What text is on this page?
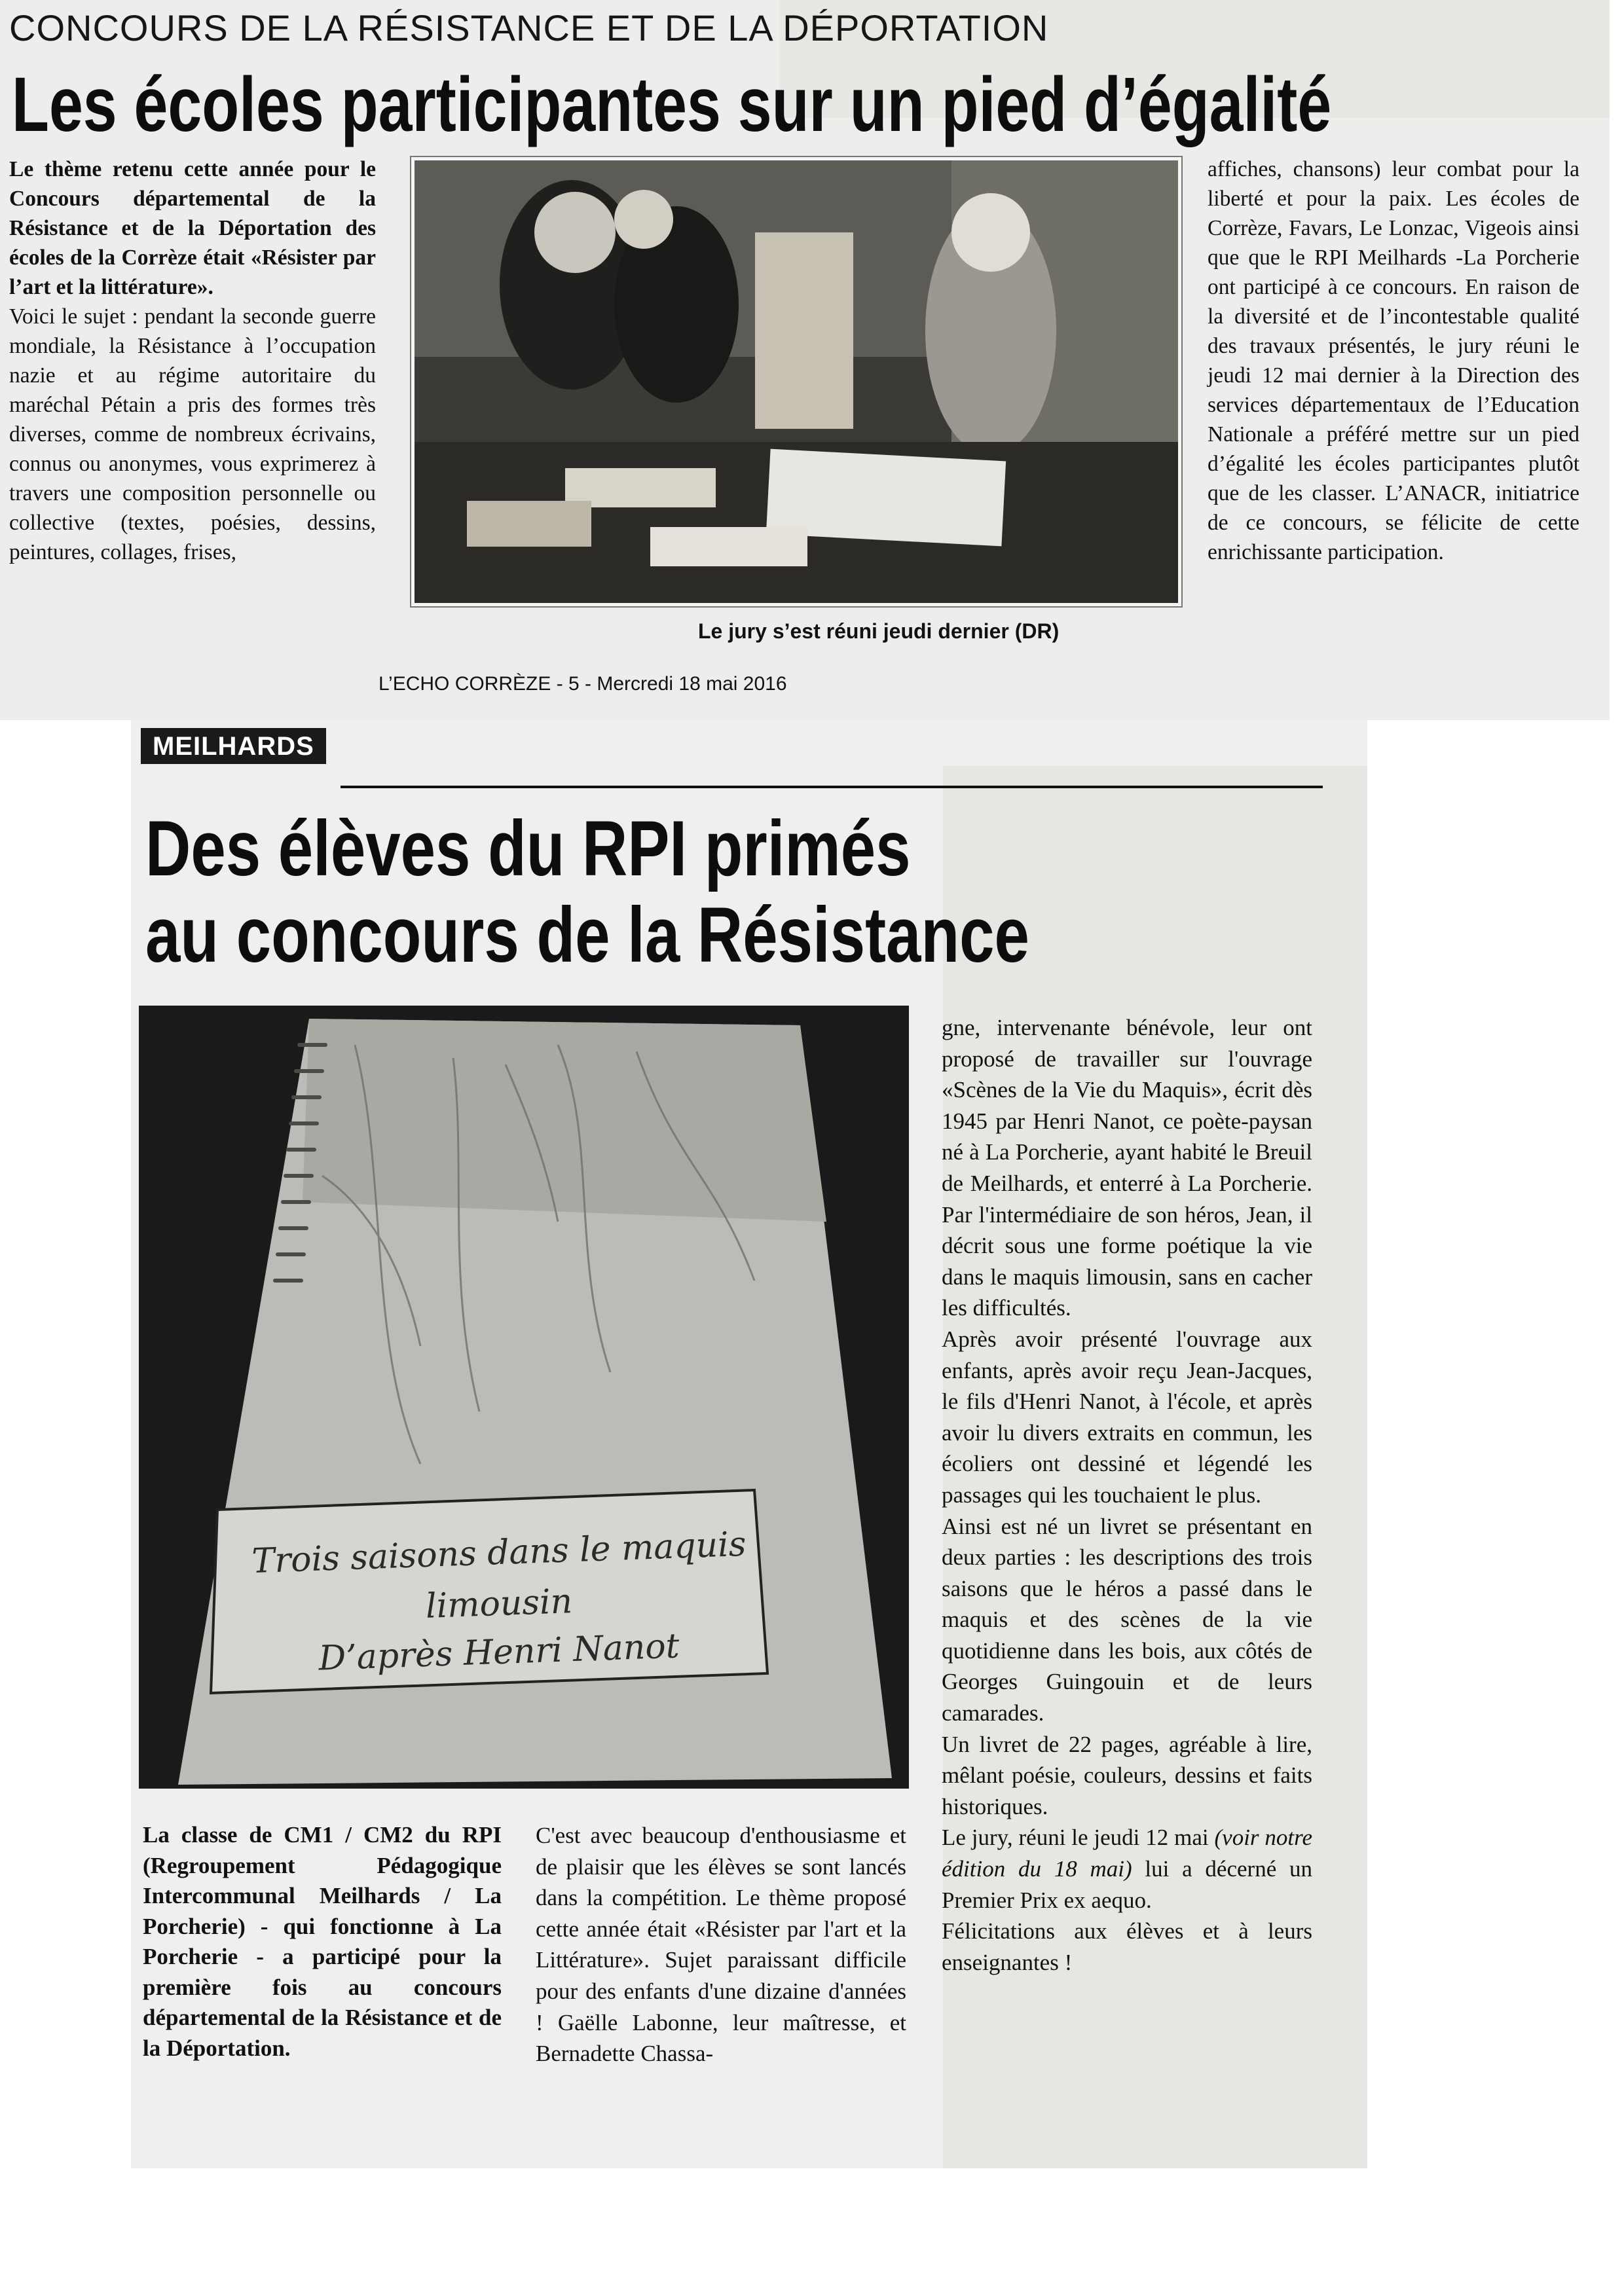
CONCOURS DE LA RÉSISTANCE ET DE LA DÉPORTATION
Les écoles participantes sur un pied d’égalité

Le thème retenu cette année pour le Concours départemental de la Résistance et de la Déportation des écoles de la Corrèze était «Résister par l’art et la littérature».

Voici le sujet : pendant la seconde guerre mondiale, la Résistance à l’occupation nazie et au régime autoritaire du maréchal Pétain a pris des formes très diverses, comme de nombreux écrivains, connus ou anonymes, vous exprimerez à travers une composition personnelle ou collective (textes, poésies, dessins, peintures, collages, frises,

Le jury s’est réuni jeudi dernier (DR)

affiches, chansons) leur combat pour la liberté et pour la paix. Les écoles de Corrèze, Favars, Le Lonzac, Vigeois ainsi que que le RPI Meilhards -La Porcherie ont participé à ce concours. En raison de la diversité et de l’incontestable qualité des travaux présentés, le jury réuni le jeudi 12 mai dernier à la Direction des services départementaux de l’Education Nationale a préféré mettre sur un pied d’égalité les écoles participantes plutôt que de les classer. L’ANACR, initiatrice de ce concours, se félicite de cette enrichissante participation.

L’ECHO CORRÈZE - 5 - Mercredi 18 mai 2016
MEILHARDS
Des élèves du RPI primés
au concours de la Résistance
Trois saisons dans le maquis
limousin
D’après Henri Nanot
La classe de CM1 / CM2 du RPI (Regroupement Pédagogique Intercommunal Meilhards / La Porcherie) - qui fonctionne à La Porcherie - a participé pour la première fois au concours départemental de la Résistance et de la Déportation.

C'est avec beaucoup d'enthousiasme et de plaisir que les élèves se sont lancés dans la compétition. Le thème proposé cette année était «Résister par l'art et la Littérature». Sujet paraissant difficile pour des enfants d'une dizaine d'années ! Gaëlle Labonne, leur maîtresse, et Bernadette Chassa-

gne, intervenante bénévole, leur ont proposé de travailler sur l'ouvrage «Scènes de la Vie du Maquis», écrit dès 1945 par Henri Nanot, ce poète-paysan né à La Porcherie, ayant habité le Breuil de Meilhards, et enterré à La Porcherie. Par l'intermédiaire de son héros, Jean, il décrit sous une forme poétique la vie dans le maquis limousin, sans en cacher les difficultés.

Après avoir présenté l'ouvrage aux enfants, après avoir reçu Jean-Jacques, le fils d'Henri Nanot, à l'école, et après avoir lu divers extraits en commun, les écoliers ont dessiné et légendé les passages qui les touchaient le plus.

Ainsi est né un livret se présentant en deux parties : les descriptions des trois saisons que le héros a passé dans le maquis et des scènes de la vie quotidienne dans les bois, aux côtés de Georges Guingouin et de leurs camarades.

Un livret de 22 pages, agréable à lire, mêlant poésie, couleurs, dessins et faits historiques.

Le jury, réuni le jeudi 12 mai (voir notre édition du 18 mai) lui a décerné un Premier Prix ex aequo.

Félicitations aux élèves et à leurs enseignantes !
